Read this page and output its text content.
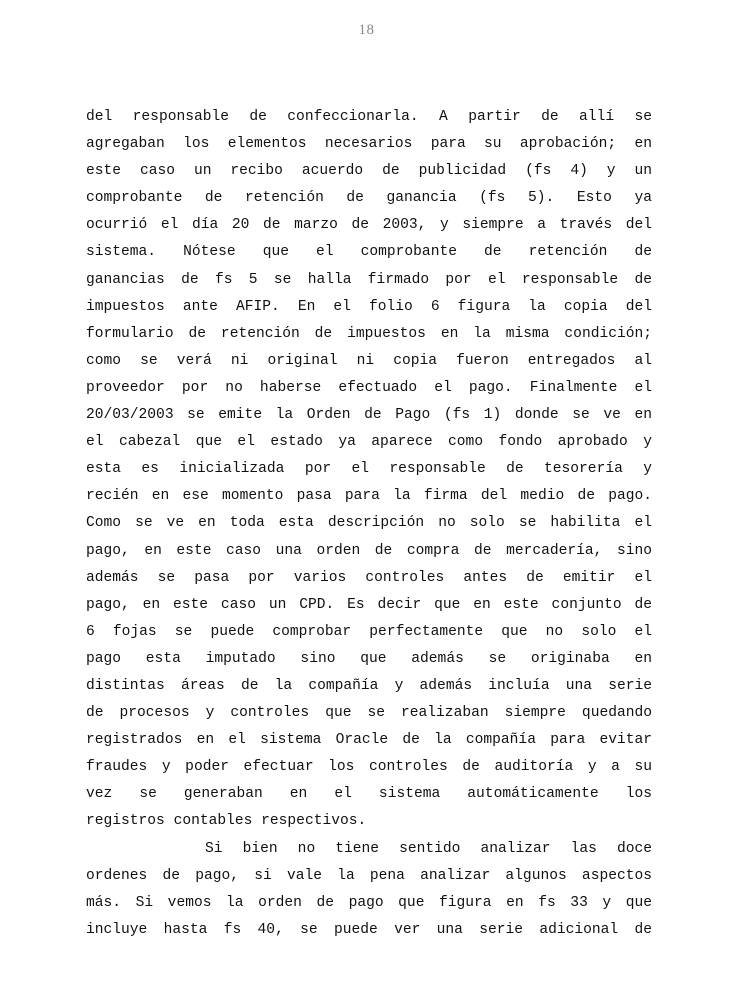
18
del responsable de confeccionarla. A partir de allí se
agregaban los elementos necesarios para su aprobación; en
este caso un recibo acuerdo de publicidad (fs 4) y un
comprobante de retención de ganancia (fs 5). Esto ya
ocurrió el día 20 de marzo de 2003, y siempre a través del
sistema. Nótese que el comprobante de retención de
ganancias de fs 5 se halla firmado por el responsable de
impuestos ante AFIP. En el folio 6 figura la copia del
formulario de retención de impuestos en la misma condición;
como se verá ni original ni copia fueron entregados al
proveedor por no haberse efectuado el pago. Finalmente el
20/03/2003 se emite la Orden de Pago (fs 1) donde se ve en
el cabezal que el estado ya aparece como fondo aprobado y
esta es inicializada por el responsable de tesorería y
recién en ese momento pasa para la firma del medio de pago.
Como se ve en toda esta descripción no solo se habilita el
pago, en este caso una orden de compra de mercadería, sino
además se pasa por varios controles antes de emitir el
pago, en este caso un CPD. Es decir que en este conjunto de
6 fojas se puede comprobar perfectamente que no solo el
pago esta imputado sino que además se originaba en
distintas áreas de la compañía y además incluía una serie
de procesos y controles que se realizaban siempre quedando
registrados en el sistema Oracle de la compañía para evitar
fraudes y poder efectuar los controles de auditoría y a su
vez se generaban en el sistema automáticamente los
registros contables respectivos.
Si bien no tiene sentido analizar las doce
ordenes de pago, si vale la pena analizar algunos aspectos
más. Si vemos la orden de pago que figura en fs 33 y que
incluye hasta fs 40, se puede ver una serie adicional de
